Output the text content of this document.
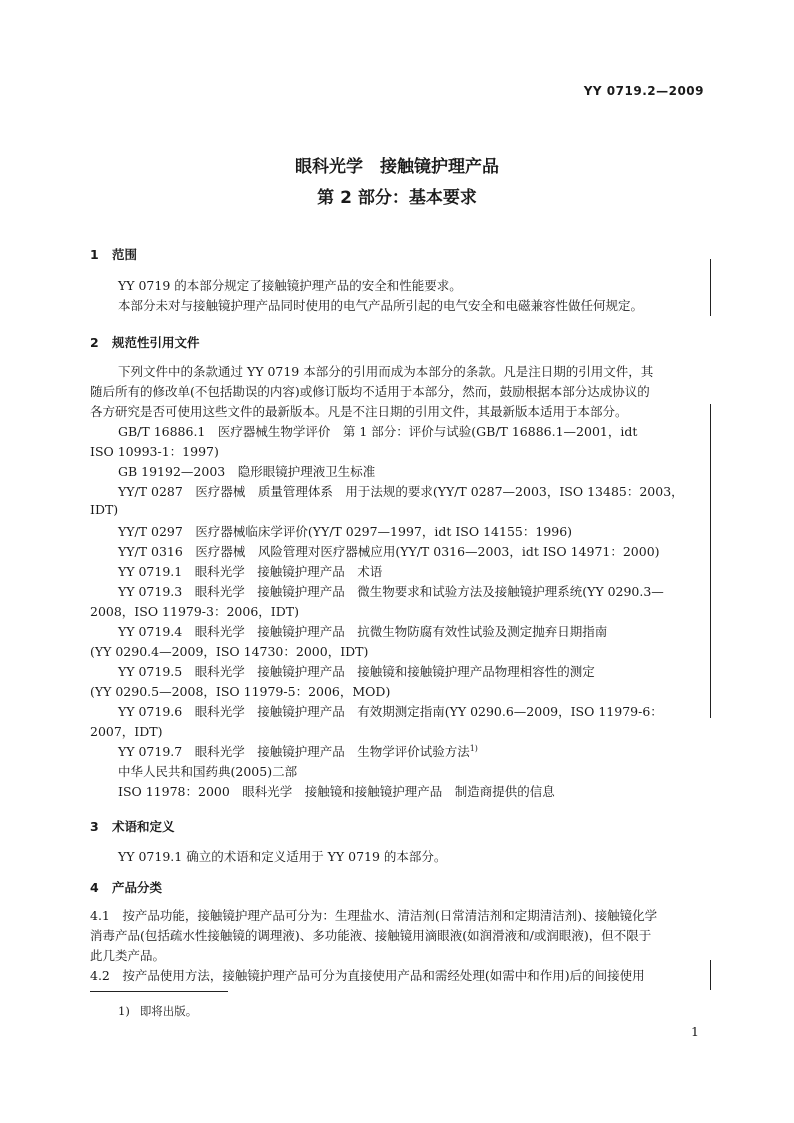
YY 0719.2—2009
眼科光学　接触镜护理产品
第 2 部分：基本要求
1 范围
YY 0719 的本部分规定了接触镜护理产品的安全和性能要求。
本部分未对与接触镜护理产品同时使用的电气产品所引起的电气安全和电磁兼容性做任何规定。
2 规范性引用文件
下列文件中的条款通过 YY 0719 本部分的引用而成为本部分的条款。凡是注日期的引用文件，其
随后所有的修改单(不包括勘误的内容)或修订版均不适用于本部分，然而，鼓励根据本部分达成协议的
各方研究是否可使用这些文件的最新版本。凡是不注日期的引用文件，其最新版本适用于本部分。
GB/T 16886.1　医疗器械生物学评价　第 1 部分：评价与试验(GB/T 16886.1—2001，idt
ISO 10993-1：1997)
GB 19192—2003　隐形眼镜护理液卫生标准
YY/T 0287　医疗器械　质量管理体系　用于法规的要求(YY/T 0287—2003，ISO 13485：2003，
IDT)
YY/T 0297　医疗器械临床学评价(YY/T 0297—1997，idt ISO 14155：1996)
YY/T 0316　医疗器械　风险管理对医疗器械应用(YY/T 0316—2003，idt ISO 14971：2000)
YY 0719.1　眼科光学　接触镜护理产品　术语
YY 0719.3　眼科光学　接触镜护理产品　微生物要求和试验方法及接触镜护理系统(YY 0290.3—
2008，ISO 11979-3：2006，IDT)
YY 0719.4　眼科光学　接触镜护理产品　抗微生物防腐有效性试验及测定抛弃日期指南
(YY 0290.4—2009，ISO 14730：2000，IDT)
YY 0719.5　眼科光学　接触镜护理产品　接触镜和接触镜护理产品物理相容性的测定
(YY 0290.5—2008，ISO 11979-5：2006，MOD)
YY 0719.6　眼科光学　接触镜护理产品　有效期测定指南(YY 0290.6—2009，ISO 11979-6：
2007，IDT)
YY 0719.7　眼科光学　接触镜护理产品　生物学评价试验方法$^{1)}$
中华人民共和国药典(2005)二部
ISO 11978：2000　眼科光学　接触镜和接触镜护理产品　制造商提供的信息
3 术语和定义
YY 0719.1 确立的术语和定义适用于 YY 0719 的本部分。
4 产品分类
4.1　按产品功能，接触镜护理产品可分为：生理盐水、清洁剂(日常清洁剂和定期清洁剂)、接触镜化学
消毒产品(包括疏水性接触镜的调理液)、多功能液、接触镜用滴眼液(如润滑液和/或润眼液)，但不限于
此几类产品。
4.2　按产品使用方法，接触镜护理产品可分为直接使用产品和需经处理(如需中和作用)后的间接使用
1) 即将出版。
1
